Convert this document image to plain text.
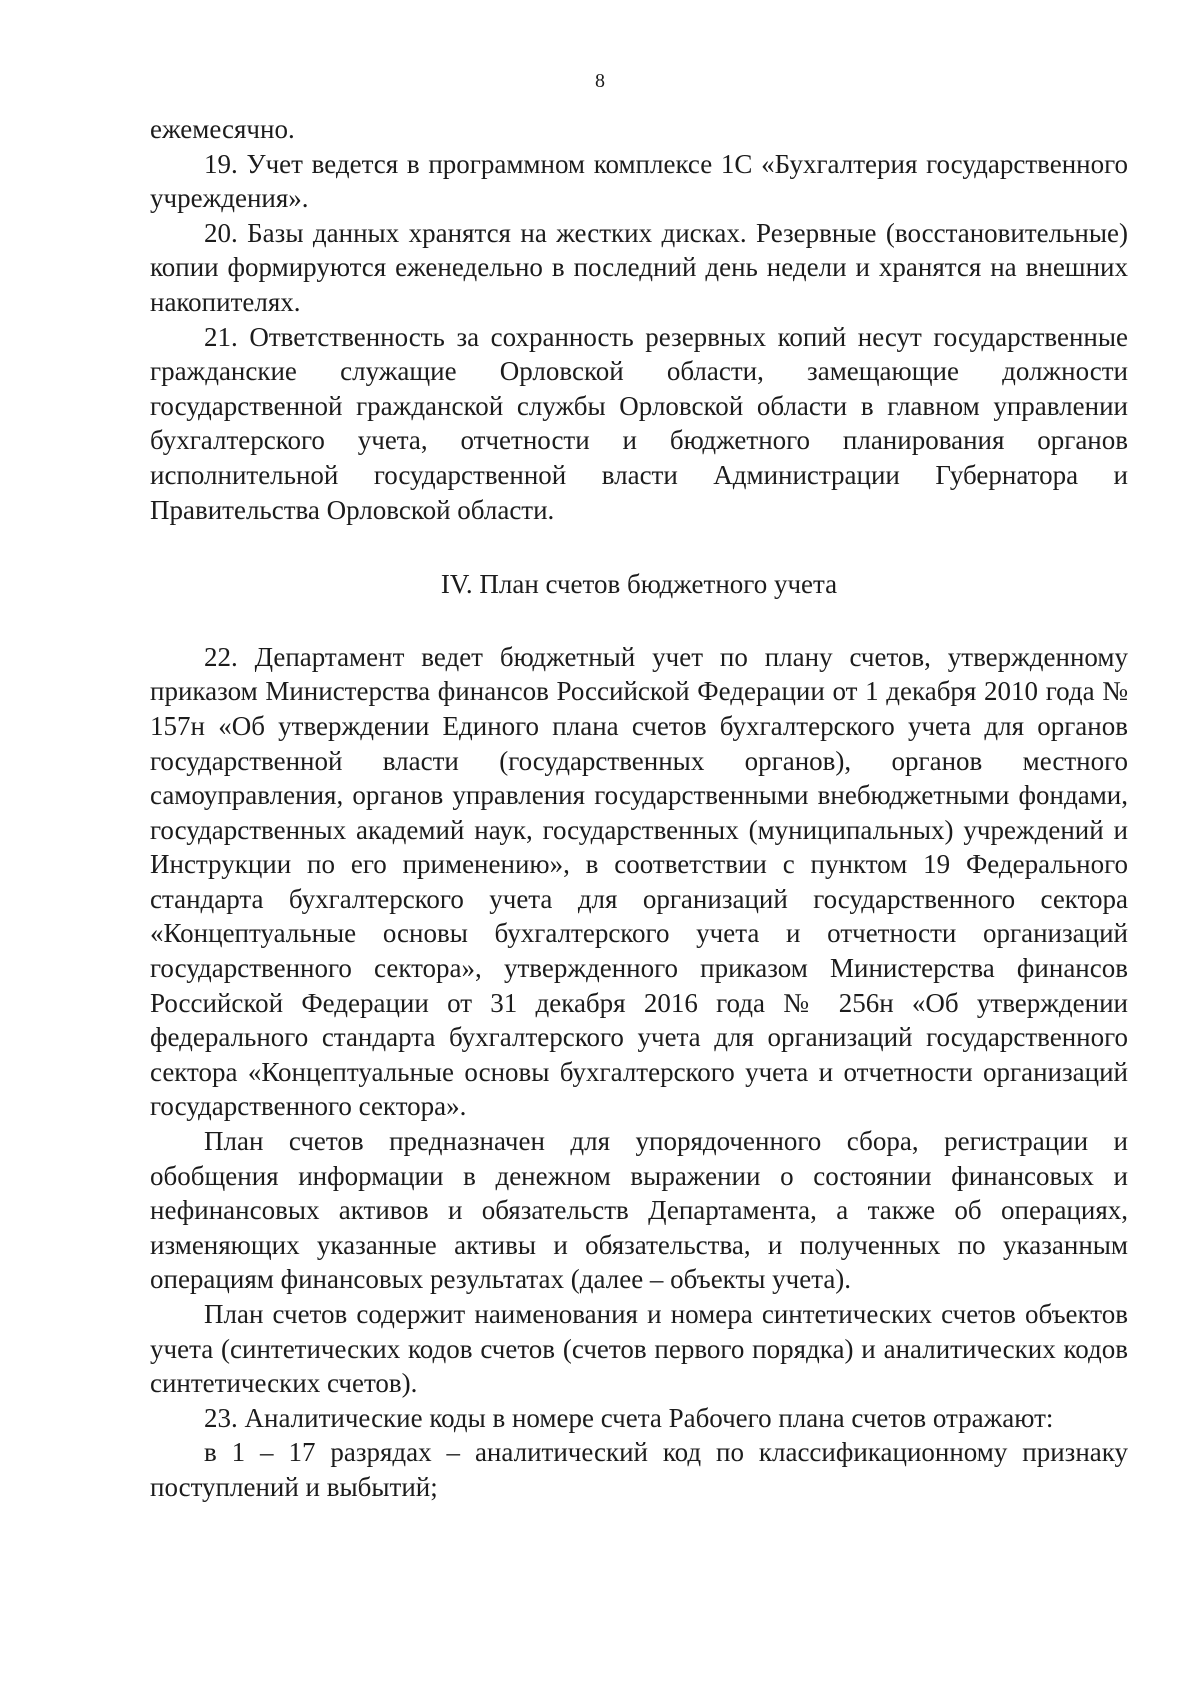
8

ежемесячно.

19. Учет ведется в программном комплексе 1С «Бухгалтерия государственного учреждения».

20. Базы данных хранятся на жестких дисках. Резервные (восстановительные) копии формируются еженедельно в последний день недели и хранятся на внешних накопителях.

21. Ответственность за сохранность резервных копий несут государственные гражданские служащие Орловской области, замещающие должности государственной гражданской службы Орловской области в главном управлении бухгалтерского учета, отчетности и бюджетного планирования органов исполнительной государственной власти Администрации Губернатора и Правительства Орловской области.

IV. План счетов бюджетного учета

22. Департамент ведет бюджетный учет по плану счетов, утвержденному приказом Министерства финансов Российской Федерации от 1 декабря 2010 года № 157н «Об утверждении Единого плана счетов бухгалтерского учета для органов государственной власти (государственных органов), органов местного самоуправления, органов управления государственными внебюджетными фондами, государственных академий наук, государственных (муниципальных) учреждений и Инструкции по его применению», в соответствии с пунктом 19 Федерального стандарта бухгалтерского учета для организаций государственного сектора «Концептуальные основы бухгалтерского учета и отчетности организаций государственного сектора», утвержденного приказом Министерства финансов Российской Федерации от 31 декабря 2016 года № 256н «Об утверждении федерального стандарта бухгалтерского учета для организаций государственного сектора «Концептуальные основы бухгалтерского учета и отчетности организаций государственного сектора».

План счетов предназначен для упорядоченного сбора, регистрации и обобщения информации в денежном выражении о состоянии финансовых и нефинансовых активов и обязательств Департамента, а также об операциях, изменяющих указанные активы и обязательства, и полученных по указанным операциям финансовых результатах (далее – объекты учета).

План счетов содержит наименования и номера синтетических счетов объектов учета (синтетических кодов счетов (счетов первого порядка) и аналитических кодов синтетических счетов).

23. Аналитические коды в номере счета Рабочего плана счетов отражают:

в 1 – 17 разрядах – аналитический код по классификационному признаку поступлений и выбытий;
